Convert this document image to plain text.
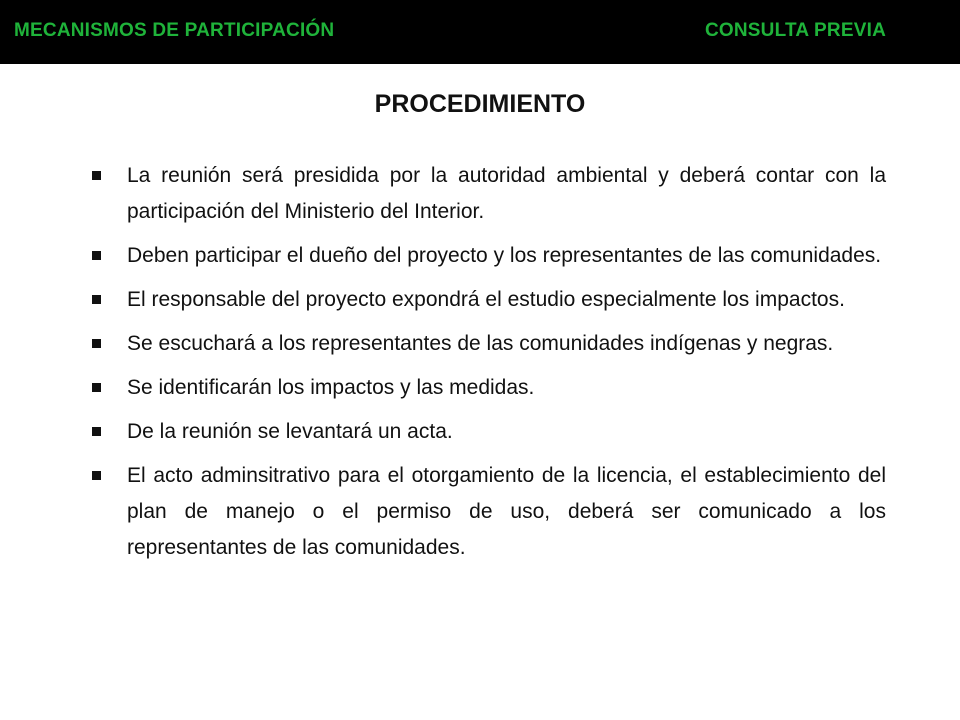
MECANISMOS DE PARTICIPACIÓN	CONSULTA PREVIA
PROCEDIMIENTO
La reunión será presidida por la autoridad ambiental y deberá contar con la participación del Ministerio del Interior.
Deben participar el dueño del proyecto y los representantes de las comunidades.
El responsable del proyecto expondrá el estudio especialmente los impactos.
Se escuchará a los representantes de las comunidades indígenas y negras.
Se identificarán los impactos y las medidas.
De la reunión se levantará un acta.
El acto adminsitrativo para el otorgamiento de la licencia, el establecimiento del plan de manejo o el permiso de uso, deberá ser comunicado a los representantes de las comunidades.
